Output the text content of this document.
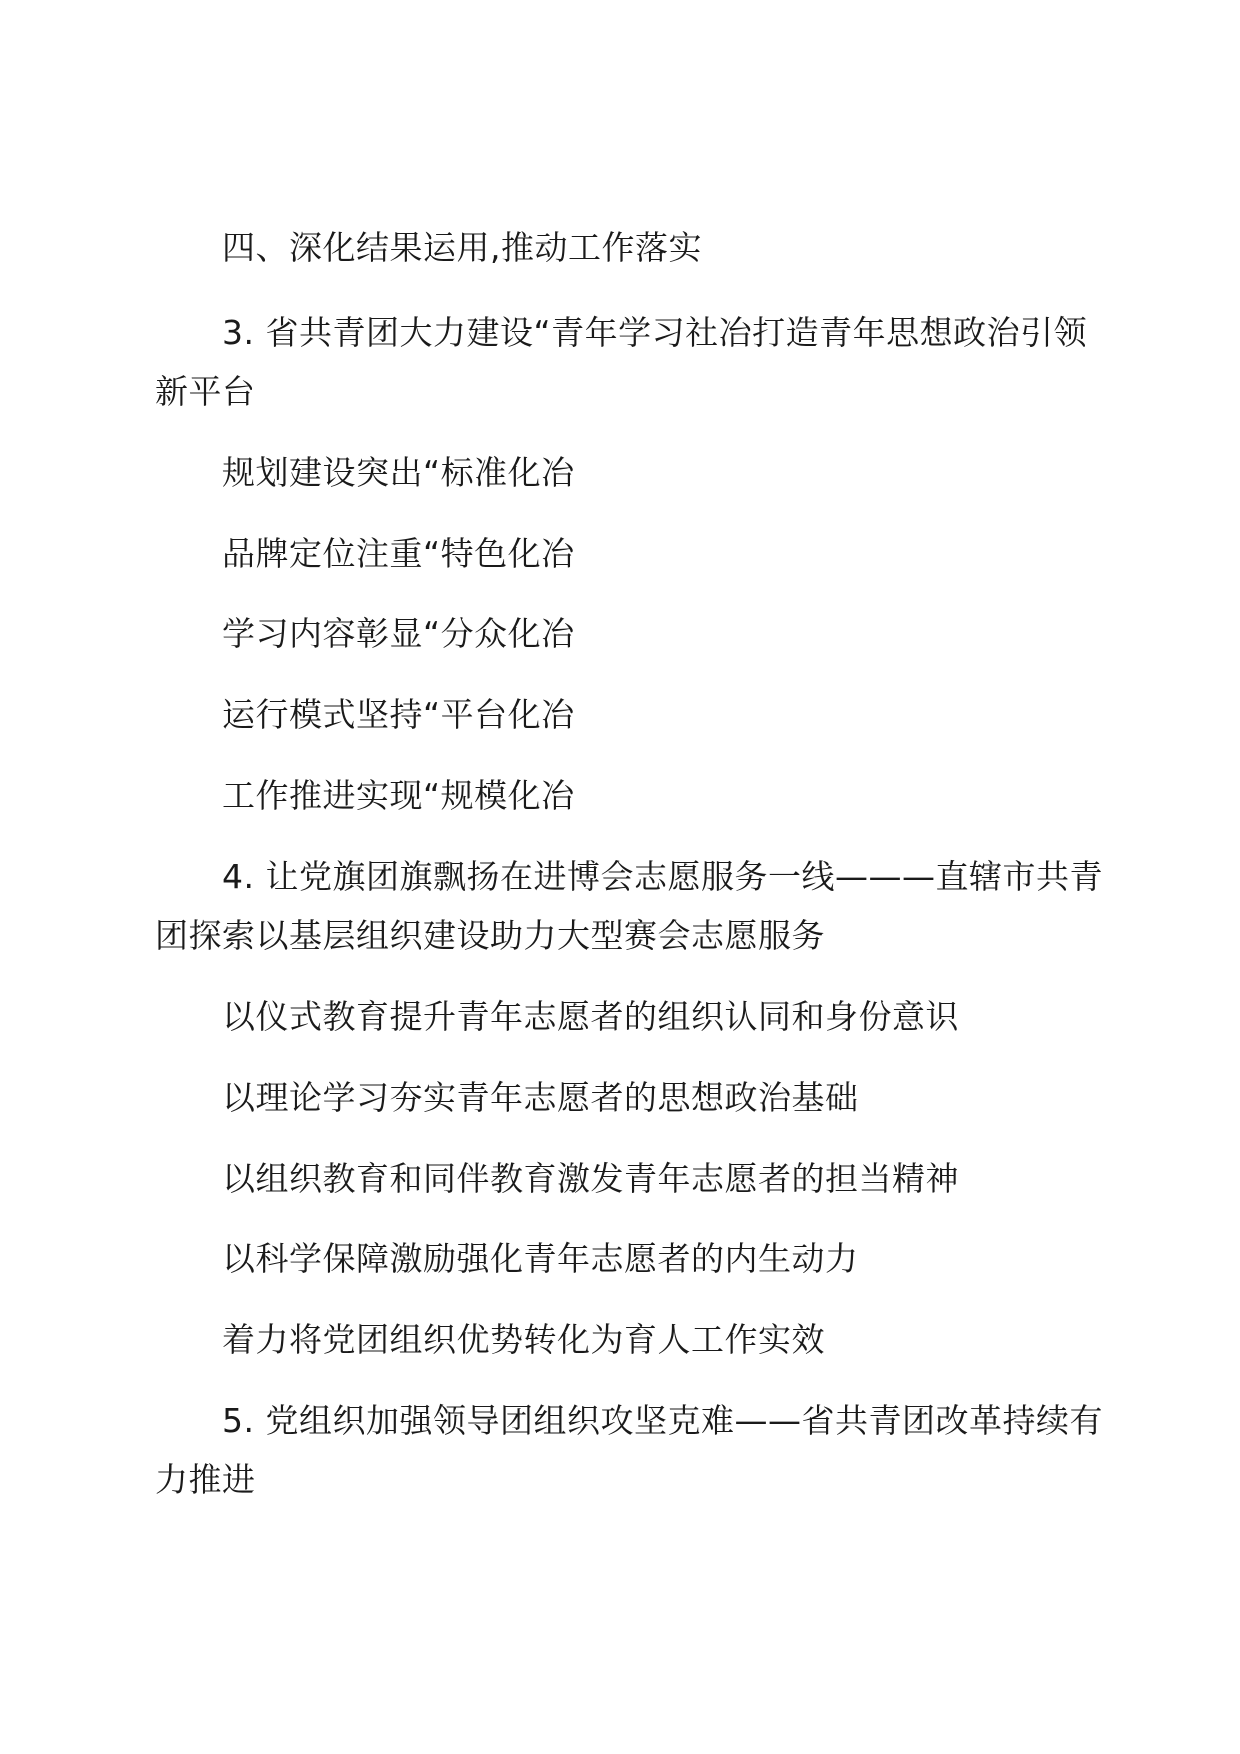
四、深化结果运用,推动工作落实

3. 省共青团大力建设“青年学习社冶打造青年思想政治引领

新平台

规划建设突出“标准化冶

品牌定位注重“特色化冶

学习内容彰显“分众化冶

运行模式坚持“平台化冶

工作推进实现“规模化冶

4. 让党旗团旗飘扬在进博会志愿服务一线———直辖市共青

团探索以基层组织建设助力大型赛会志愿服务

以仪式教育提升青年志愿者的组织认同和身份意识

以理论学习夯实青年志愿者的思想政治基础

以组织教育和同伴教育激发青年志愿者的担当精神

以科学保障激励强化青年志愿者的内生动力

着力将党团组织优势转化为育人工作实效

5. 党组织加强领导团组织攻坚克难——省共青团改革持续有

力推进
